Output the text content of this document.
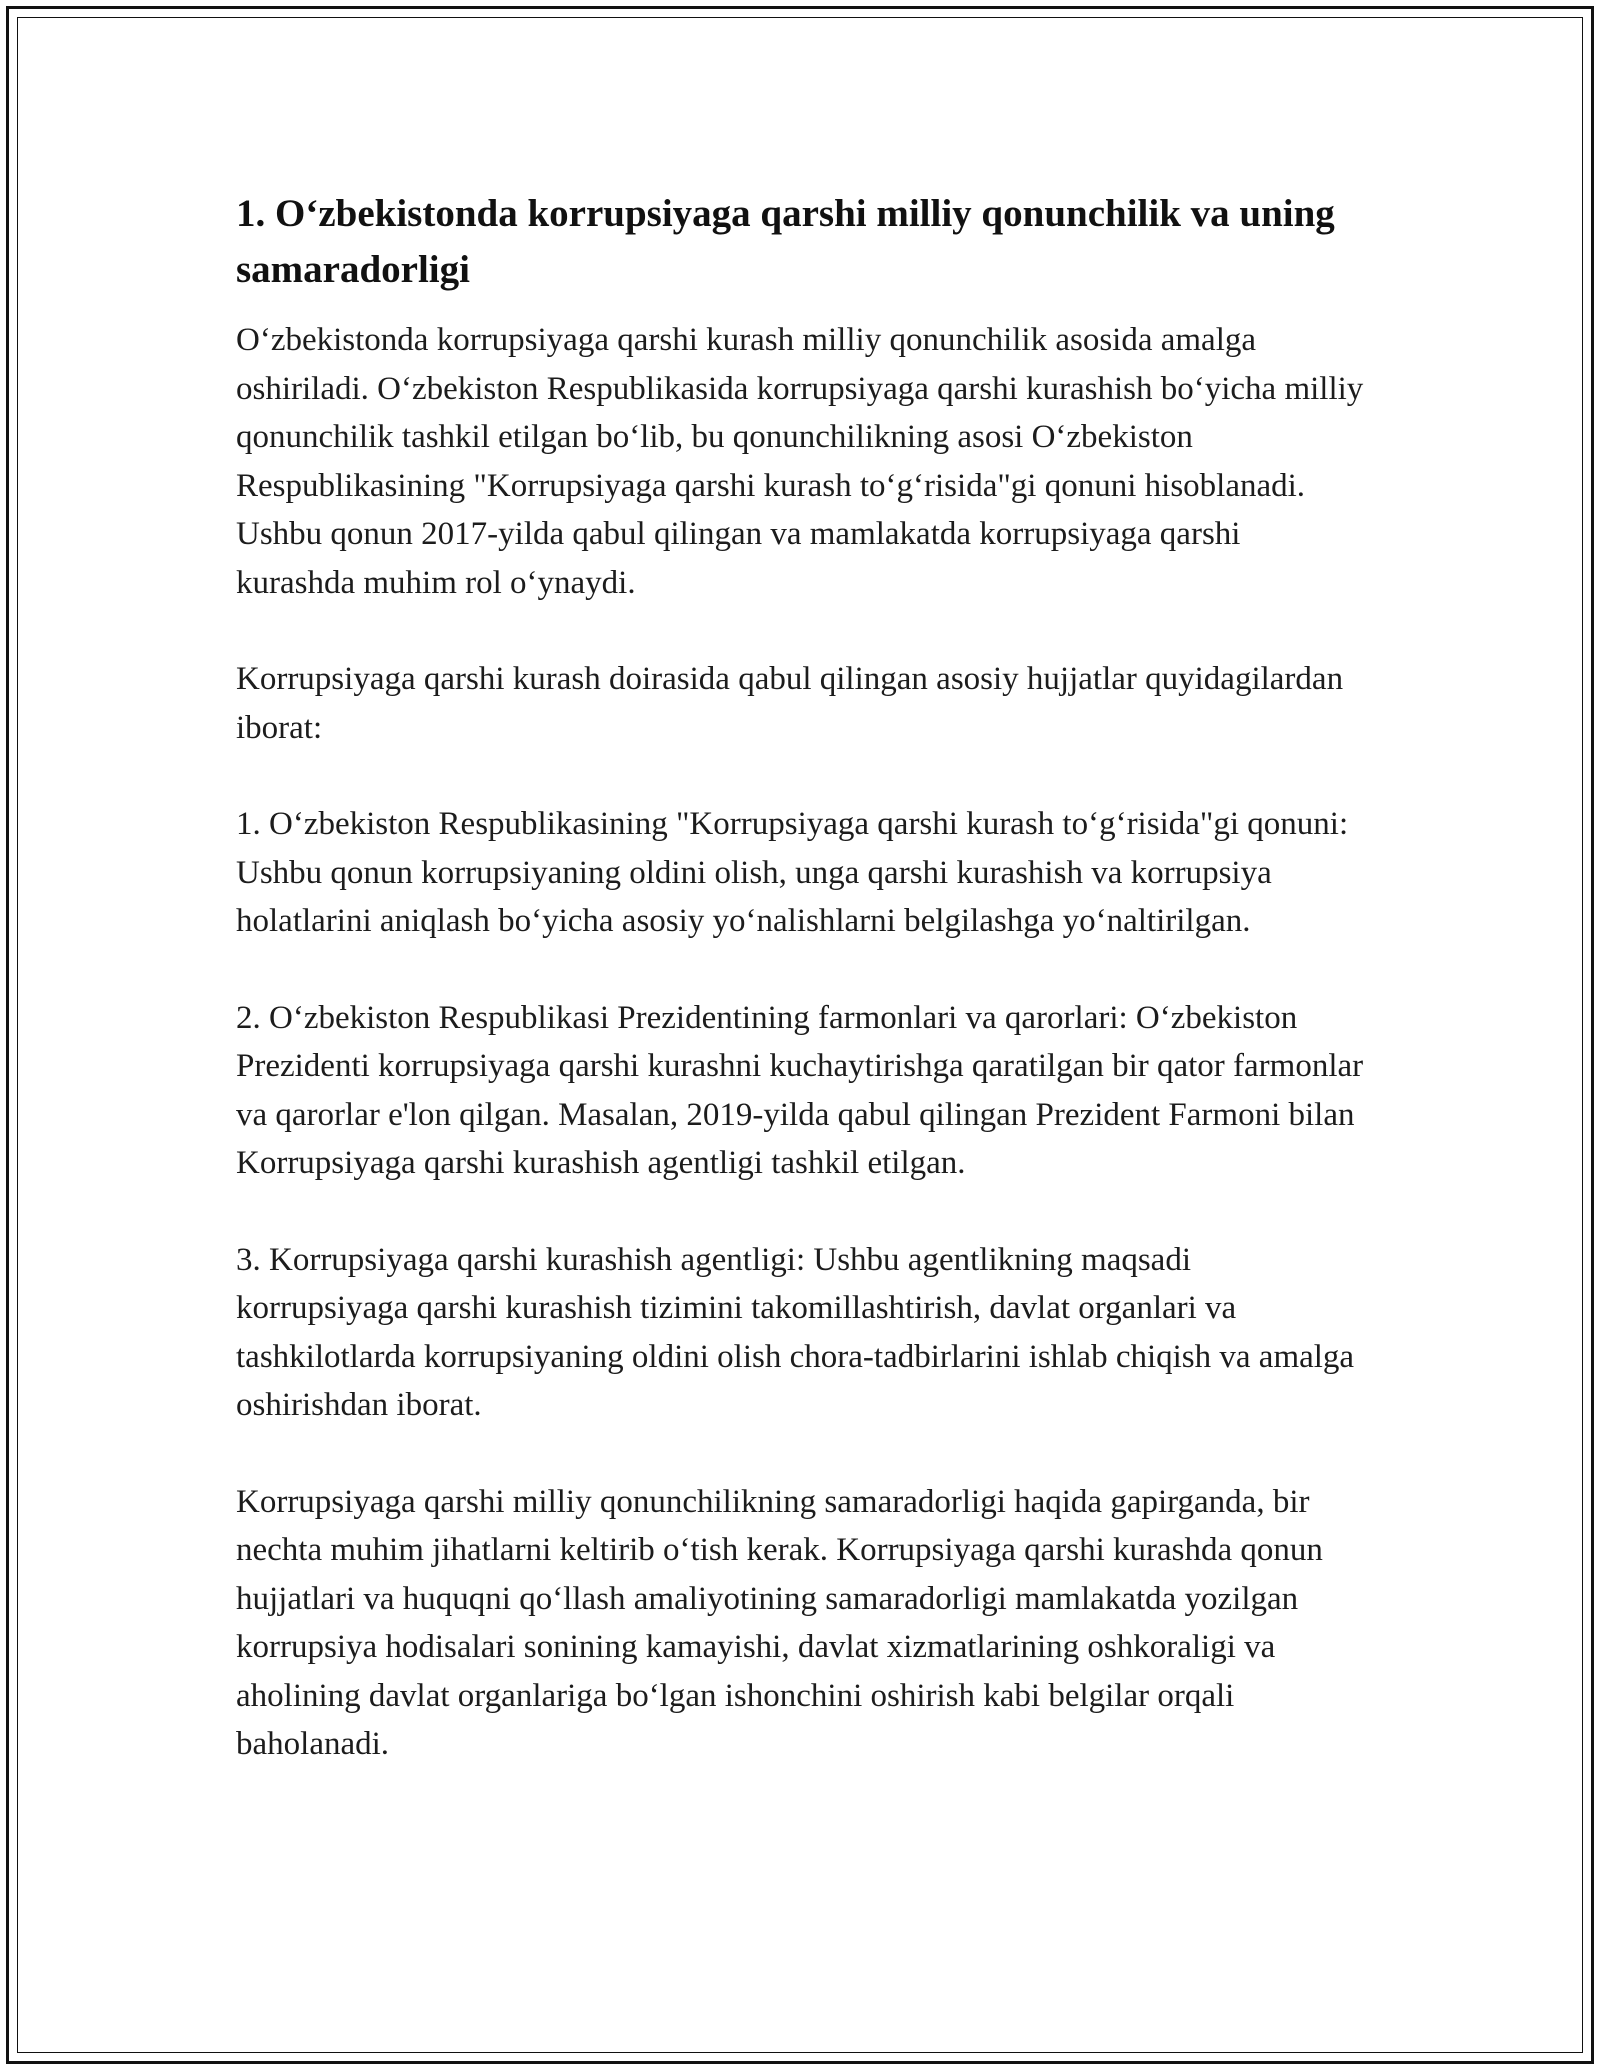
1. O‘zbekistonda korrupsiyaga qarshi milliy qonunchilik va uning samaradorligi

O‘zbekistonda korrupsiyaga qarshi kurash milliy qonunchilik asosida amalga oshiriladi. O‘zbekiston Respublikasida korrupsiyaga qarshi kurashish bo‘yicha milliy qonunchilik tashkil etilgan bo‘lib, bu qonunchilikning asosi O‘zbekiston Respublikasining "Korrupsiyaga qarshi kurash to‘g‘risida"gi qonuni hisoblanadi. Ushbu qonun 2017-yilda qabul qilingan va mamlakatda korrupsiyaga qarshi kurashda muhim rol o‘ynaydi.

Korrupsiyaga qarshi kurash doirasida qabul qilingan asosiy hujjatlar quyidagilardan iborat:

1. O‘zbekiston Respublikasining "Korrupsiyaga qarshi kurash to‘g‘risida"gi qonuni: Ushbu qonun korrupsiyaning oldini olish, unga qarshi kurashish va korrupsiya holatlarini aniqlash bo‘yicha asosiy yo‘nalishlarni belgilashga yo‘naltirilgan.

2. O‘zbekiston Respublikasi Prezidentining farmonlari va qarorlari: O‘zbekiston Prezidenti korrupsiyaga qarshi kurashni kuchaytirishga qaratilgan bir qator farmonlar va qarorlar e'lon qilgan. Masalan, 2019-yilda qabul qilingan Prezident Farmoni bilan Korrupsiyaga qarshi kurashish agentligi tashkil etilgan.

3. Korrupsiyaga qarshi kurashish agentligi: Ushbu agentlikning maqsadi korrupsiyaga qarshi kurashish tizimini takomillashtirish, davlat organlari va tashkilotlarda korrupsiyaning oldini olish chora-tadbirlarini ishlab chiqish va amalga oshirishdan iborat.

Korrupsiyaga qarshi milliy qonunchilikning samaradorligi haqida gapirganda, bir nechta muhim jihatlarni keltirib o‘tish kerak. Korrupsiyaga qarshi kurashda qonun hujjatlari va huquqni qo‘llash amaliyotining samaradorligi mamlakatda yozilgan korrupsiya hodisalari sonining kamayishi, davlat xizmatlarining oshkoraligi va aholining davlat organlariga bo‘lgan ishonchini oshirish kabi belgilar orqali baholanadi.
